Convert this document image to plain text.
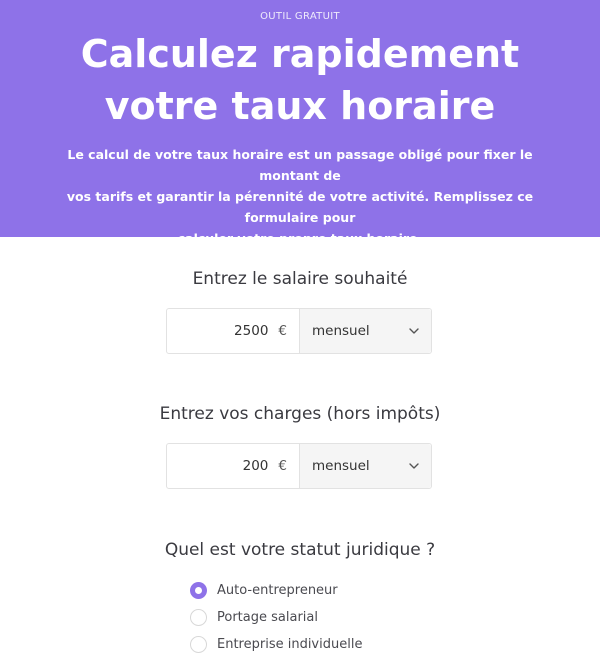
OUTIL GRATUIT
Calculez rapidement
votre taux horaire
Le calcul de votre taux horaire est un passage obligé pour fixer le montant de
vos tarifs et garantir la pérennité de votre activité. Remplissez ce formulaire pour
calculer votre propre taux horaire.
Entrez le salaire souhaité
2500 € mensuel
Entrez vos charges (hors impôts)
200 € mensuel
Quel est votre statut juridique ?
Auto-entrepreneur
Portage salarial
Entreprise individuelle
